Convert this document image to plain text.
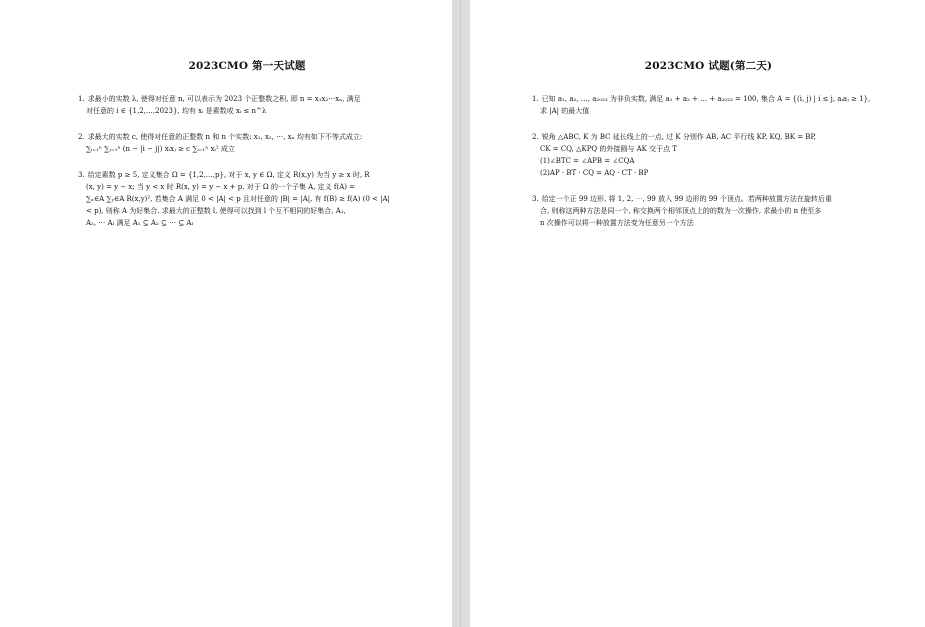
2023CMO 第一天试题
1. 求最小的实数 λ, 使得对任意 n, 可以表示为 2023 个正整数之积, 即 n = x₁x₂⋯xₙ, 满足
对任意的 i ∈ {1,2,…,2023}, 均有 xᵢ 是素数或 xᵢ ≤ n^λ
2. 求最大的实数 c, 使得对任意的正整数 n 和 n 个实数: x₁, x₂, ⋯, xₙ 均有如下不等式成立:
∑ᵢ₌₁ⁿ ∑ⱼ₌₁ⁿ (n − |i − j|) xᵢxⱼ ≥ c ∑ᵢ₌₁ⁿ xᵢ² 成立
3. 给定素数 p ≥ 5, 定义集合 Ω = {1,2,…,p}, 对于 x, y ∈ Ω, 定义 R(x,y) 为当 y ≥ x 时, R
(x, y) = y − x; 当 y < x 时 R(x, y) = y − x + p. 对于 Ω 的一个子集 A, 定义 f(A) =
∑ₓ∈A ∑ᵧ∈A R(x,y)², 若集合 A 满足 0 < |A| < p 且对任意的 |B| = |A|, 有 f(B) ≥ f(A) (0 < |A|
< p), 则称 A 为好集合. 求最大的正整数 l, 使得可以找到 l 个互不相同的好集合, A₁,
A₂, ⋯ Aₗ 满足 A₁ ⊆ A₂ ⊆ ⋯ ⊆ Aₗ
2023CMO 试题(第二天)
1. 已知 a₁, a₂, …, a₂₀₂₃ 为非负实数, 满足 a₁ + a₂ + … + a₂₀₂₃ = 100, 集合 A = {(i, j) | i ≤ j, aᵢaⱼ ≥ 1},
求 |A| 的最大值
2. 锐角 △ABC, K 为 BC 延长线上的一点, 过 K 分别作 AB, AC 平行线 KP, KQ, BK = BP,
CK = CQ, △KPQ 的外接圆与 AK 交于点 T
(1)∠BTC = ∠APB = ∠CQA
(2)AP · BT · CQ = AQ · CT · BP
3. 给定一个正 99 边形, 将 1, 2, ⋯, 99 放入 99 边形的 99 个顶点。若两种放置方法在旋转后重
合, 则称这两种方法是同一个, 称交换两个相邻顶点上的的数为一次操作, 求最小的 n 使至多
n 次操作可以将一种放置方法变为任意另一个方法
